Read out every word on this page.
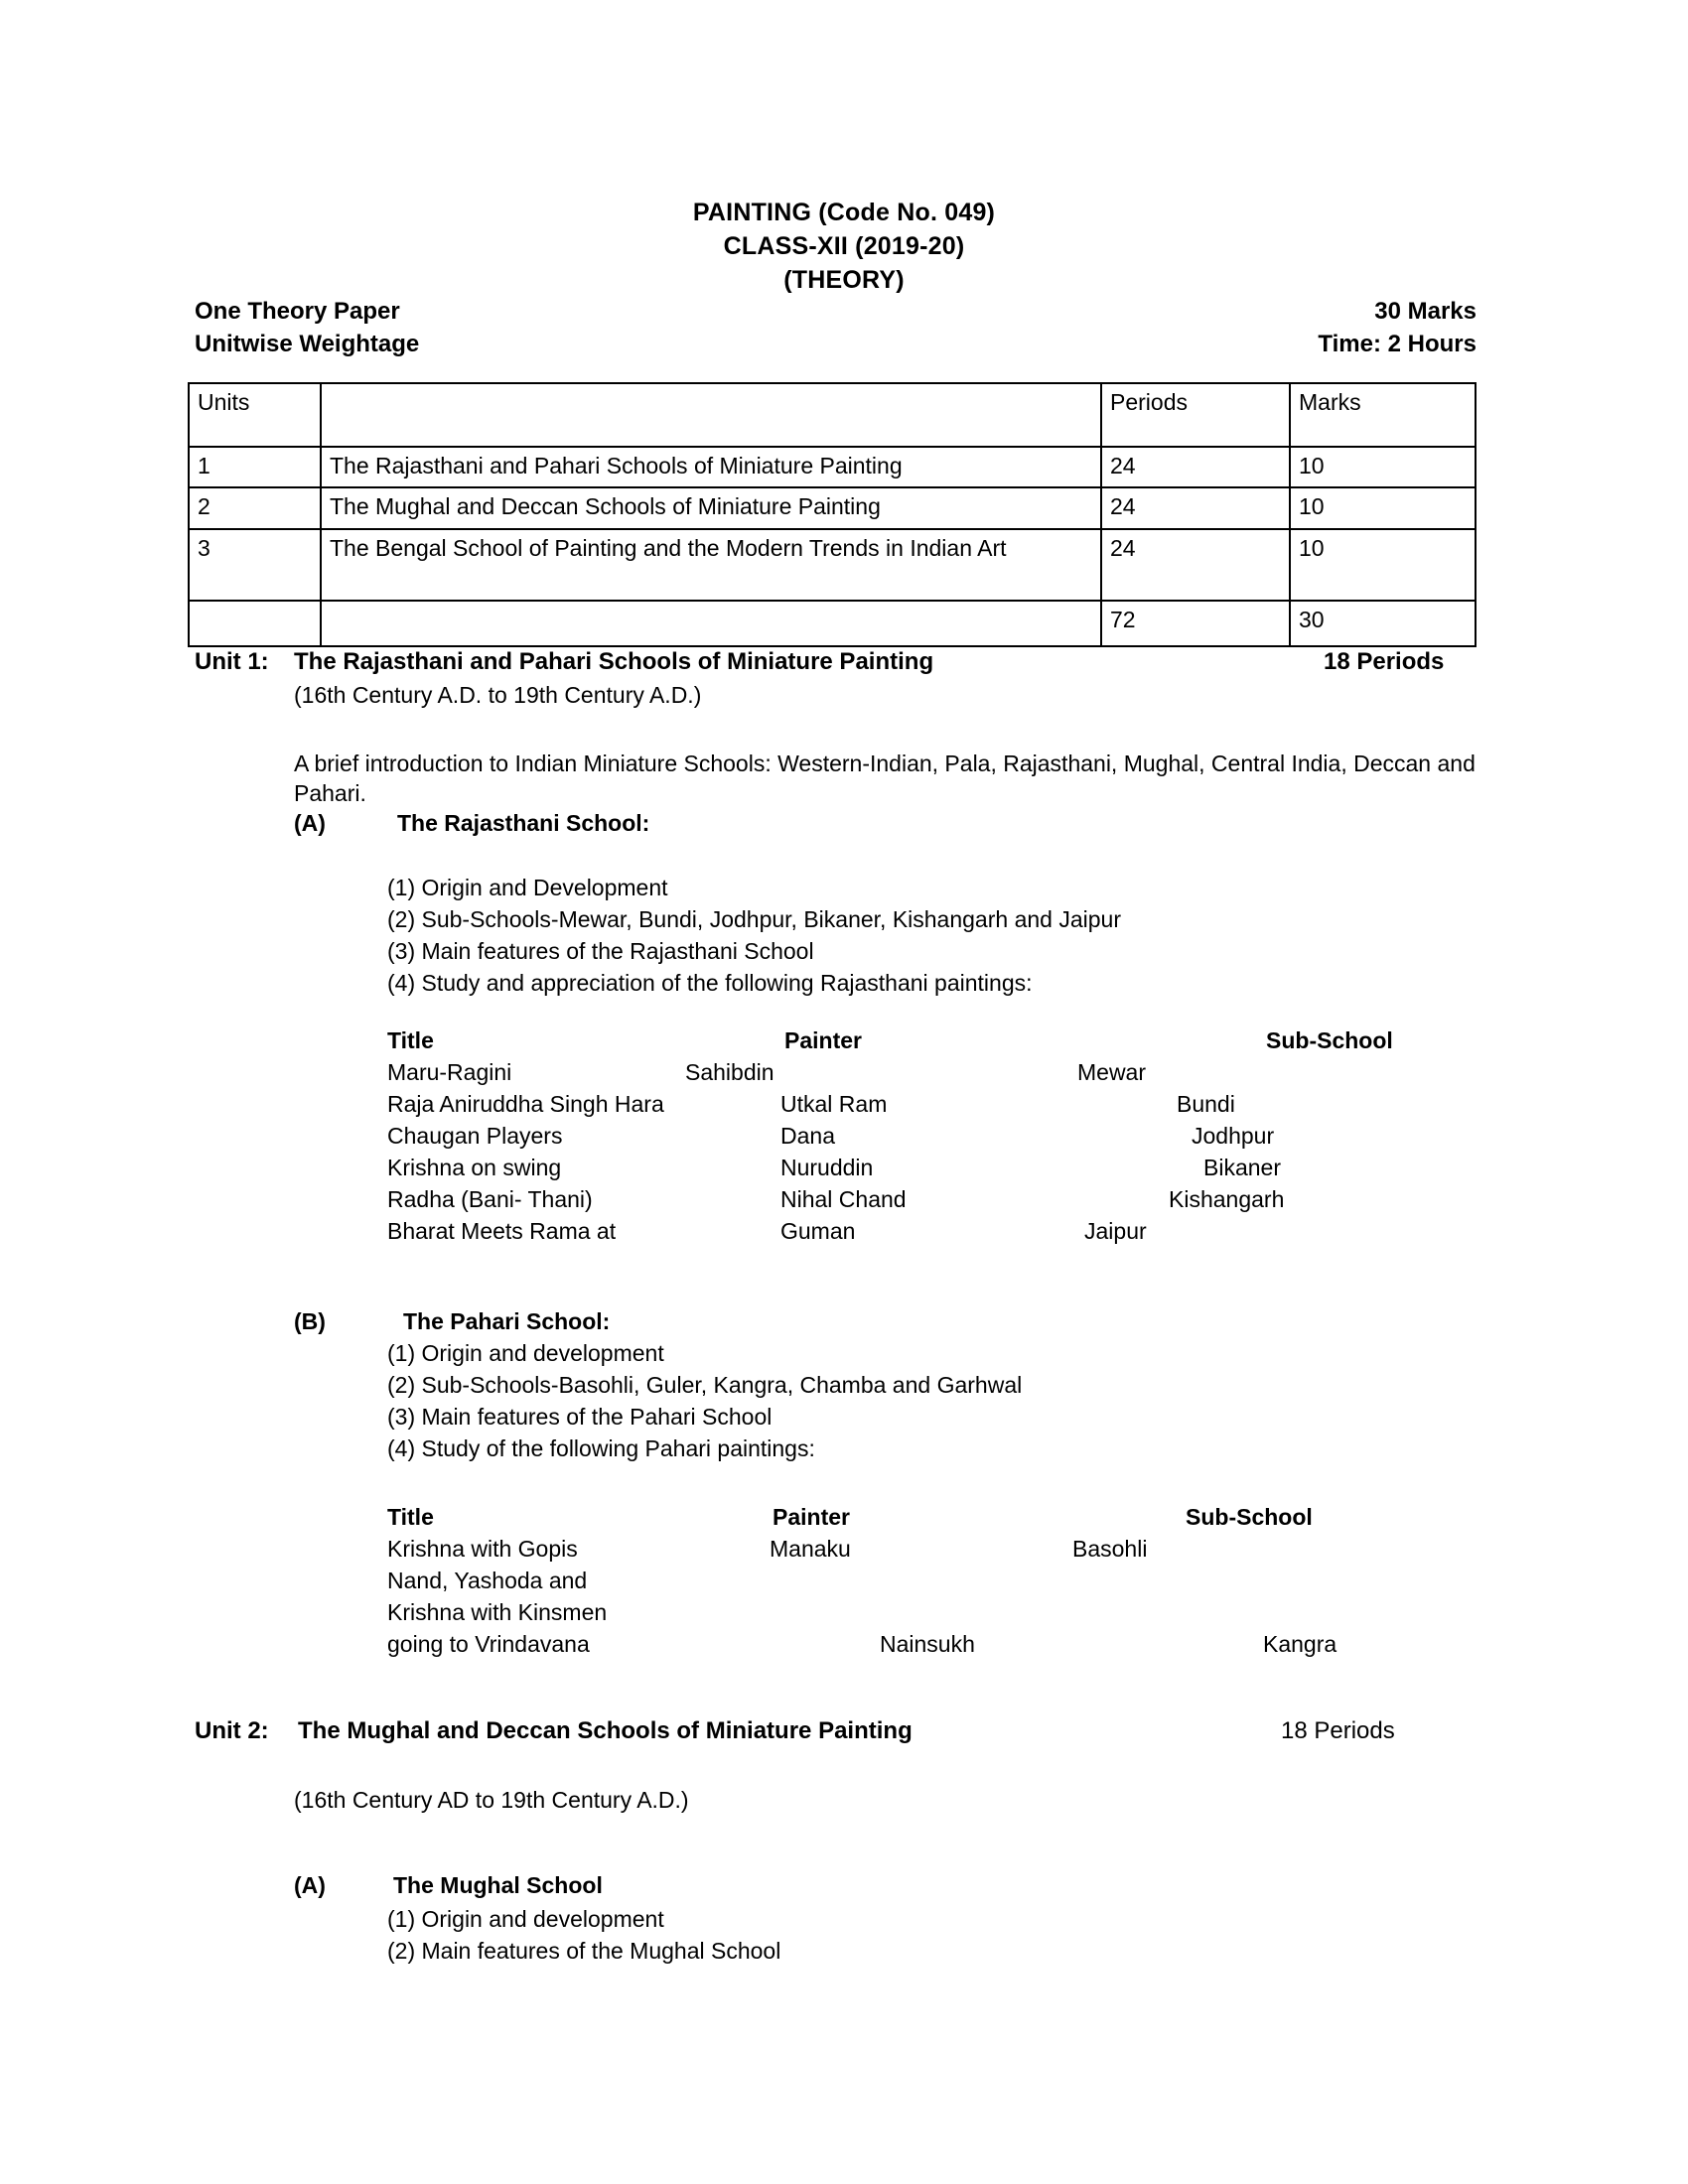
PAINTING (Code No. 049)
CLASS-XII (2019-20)
(THEORY)
One Theory Paper
Unitwise Weightage
30 Marks
Time: 2 Hours
Units		Periods	Marks
1	The Rajasthani and Pahari Schools of Miniature Painting	24	10
2	The Mughal and Deccan Schools of Miniature Painting	24	10
3	The Bengal School of Painting and the Modern Trends in Indian Art	24	10
		72	30
Unit 1: The Rajasthani and Pahari Schools of Miniature Painting	18 Periods
(16th Century A.D. to 19th Century A.D.)
A brief introduction to Indian Miniature Schools: Western-Indian, Pala, Rajasthani, Mughal, Central India, Deccan and Pahari.
(A)	The Rajasthani School:
(1) Origin and Development
(2) Sub-Schools-Mewar, Bundi, Jodhpur, Bikaner, Kishangarh and Jaipur
(3) Main features of the Rajasthani School
(4) Study and appreciation of the following Rajasthani paintings:
Title	Painter	Sub-School
Maru-Ragini	Sahibdin	Mewar
Raja Aniruddha Singh Hara	Utkal Ram	Bundi
Chaugan Players	Dana	Jodhpur
Krishna on swing	Nuruddin	Bikaner
Radha (Bani- Thani)	Nihal Chand	Kishangarh
Bharat Meets Rama at	Guman	Jaipur
(B)	The Pahari School:
(1) Origin and development
(2) Sub-Schools-Basohli, Guler, Kangra, Chamba and Garhwal
(3) Main features of the Pahari School
(4) Study of the following Pahari paintings:
Title	Painter	Sub-School
Krishna with Gopis	Manaku	Basohli
Nand, Yashoda and
Krishna with Kinsmen
going to Vrindavana	Nainsukh	Kangra
Unit 2: The Mughal and Deccan Schools of Miniature Painting	18 Periods
(16th Century AD to 19th Century A.D.)
(A)	The Mughal School
(1) Origin and development
(2) Main features of the Mughal School
